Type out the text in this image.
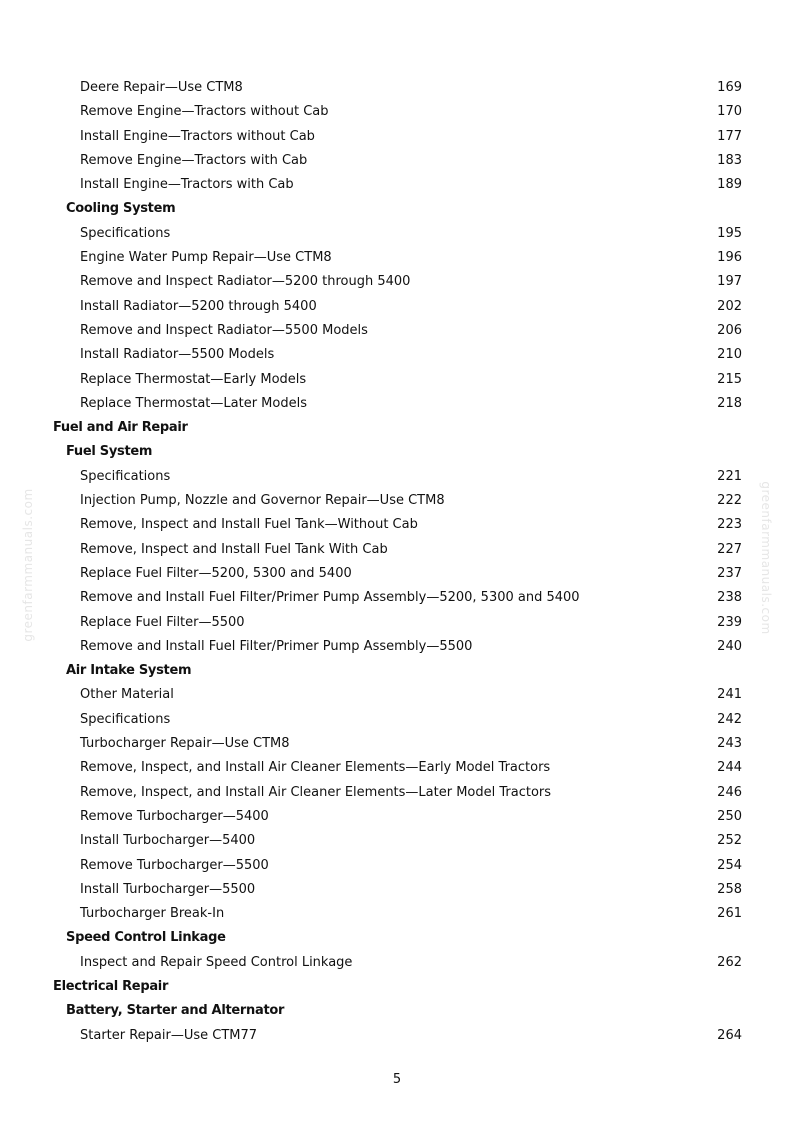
Deere Repair—Use CTM8	169
Remove Engine—Tractors without Cab	170
Install Engine—Tractors without Cab	177
Remove Engine—Tractors with Cab	183
Install Engine—Tractors with Cab	189
Cooling System
Specifications	195
Engine Water Pump Repair—Use CTM8	196
Remove and Inspect Radiator—5200 through 5400	197
Install Radiator—5200 through 5400	202
Remove and Inspect Radiator—5500 Models	206
Install Radiator—5500 Models	210
Replace Thermostat—Early Models	215
Replace Thermostat—Later Models	218
Fuel and Air Repair
Fuel System
Specifications	221
Injection Pump, Nozzle and Governor Repair—Use CTM8	222
Remove, Inspect and Install Fuel Tank—Without Cab	223
Remove, Inspect and Install Fuel Tank With Cab	227
Replace Fuel Filter—5200, 5300 and 5400	237
Remove and Install Fuel Filter/Primer Pump Assembly—5200, 5300 and 5400	238
Replace Fuel Filter—5500	239
Remove and Install Fuel Filter/Primer Pump Assembly—5500	240
Air Intake System
Other Material	241
Specifications	242
Turbocharger Repair—Use CTM8	243
Remove, Inspect, and Install Air Cleaner Elements—Early Model Tractors	244
Remove, Inspect, and Install Air Cleaner Elements—Later Model Tractors	246
Remove Turbocharger—5400	250
Install Turbocharger—5400	252
Remove Turbocharger—5500	254
Install Turbocharger—5500	258
Turbocharger Break-In	261
Speed Control Linkage
Inspect and Repair Speed Control Linkage	262
Electrical Repair
Battery, Starter and Alternator
Starter Repair—Use CTM77	264
5
greenfarmmanuals.com	greenfarmmanuals.com
